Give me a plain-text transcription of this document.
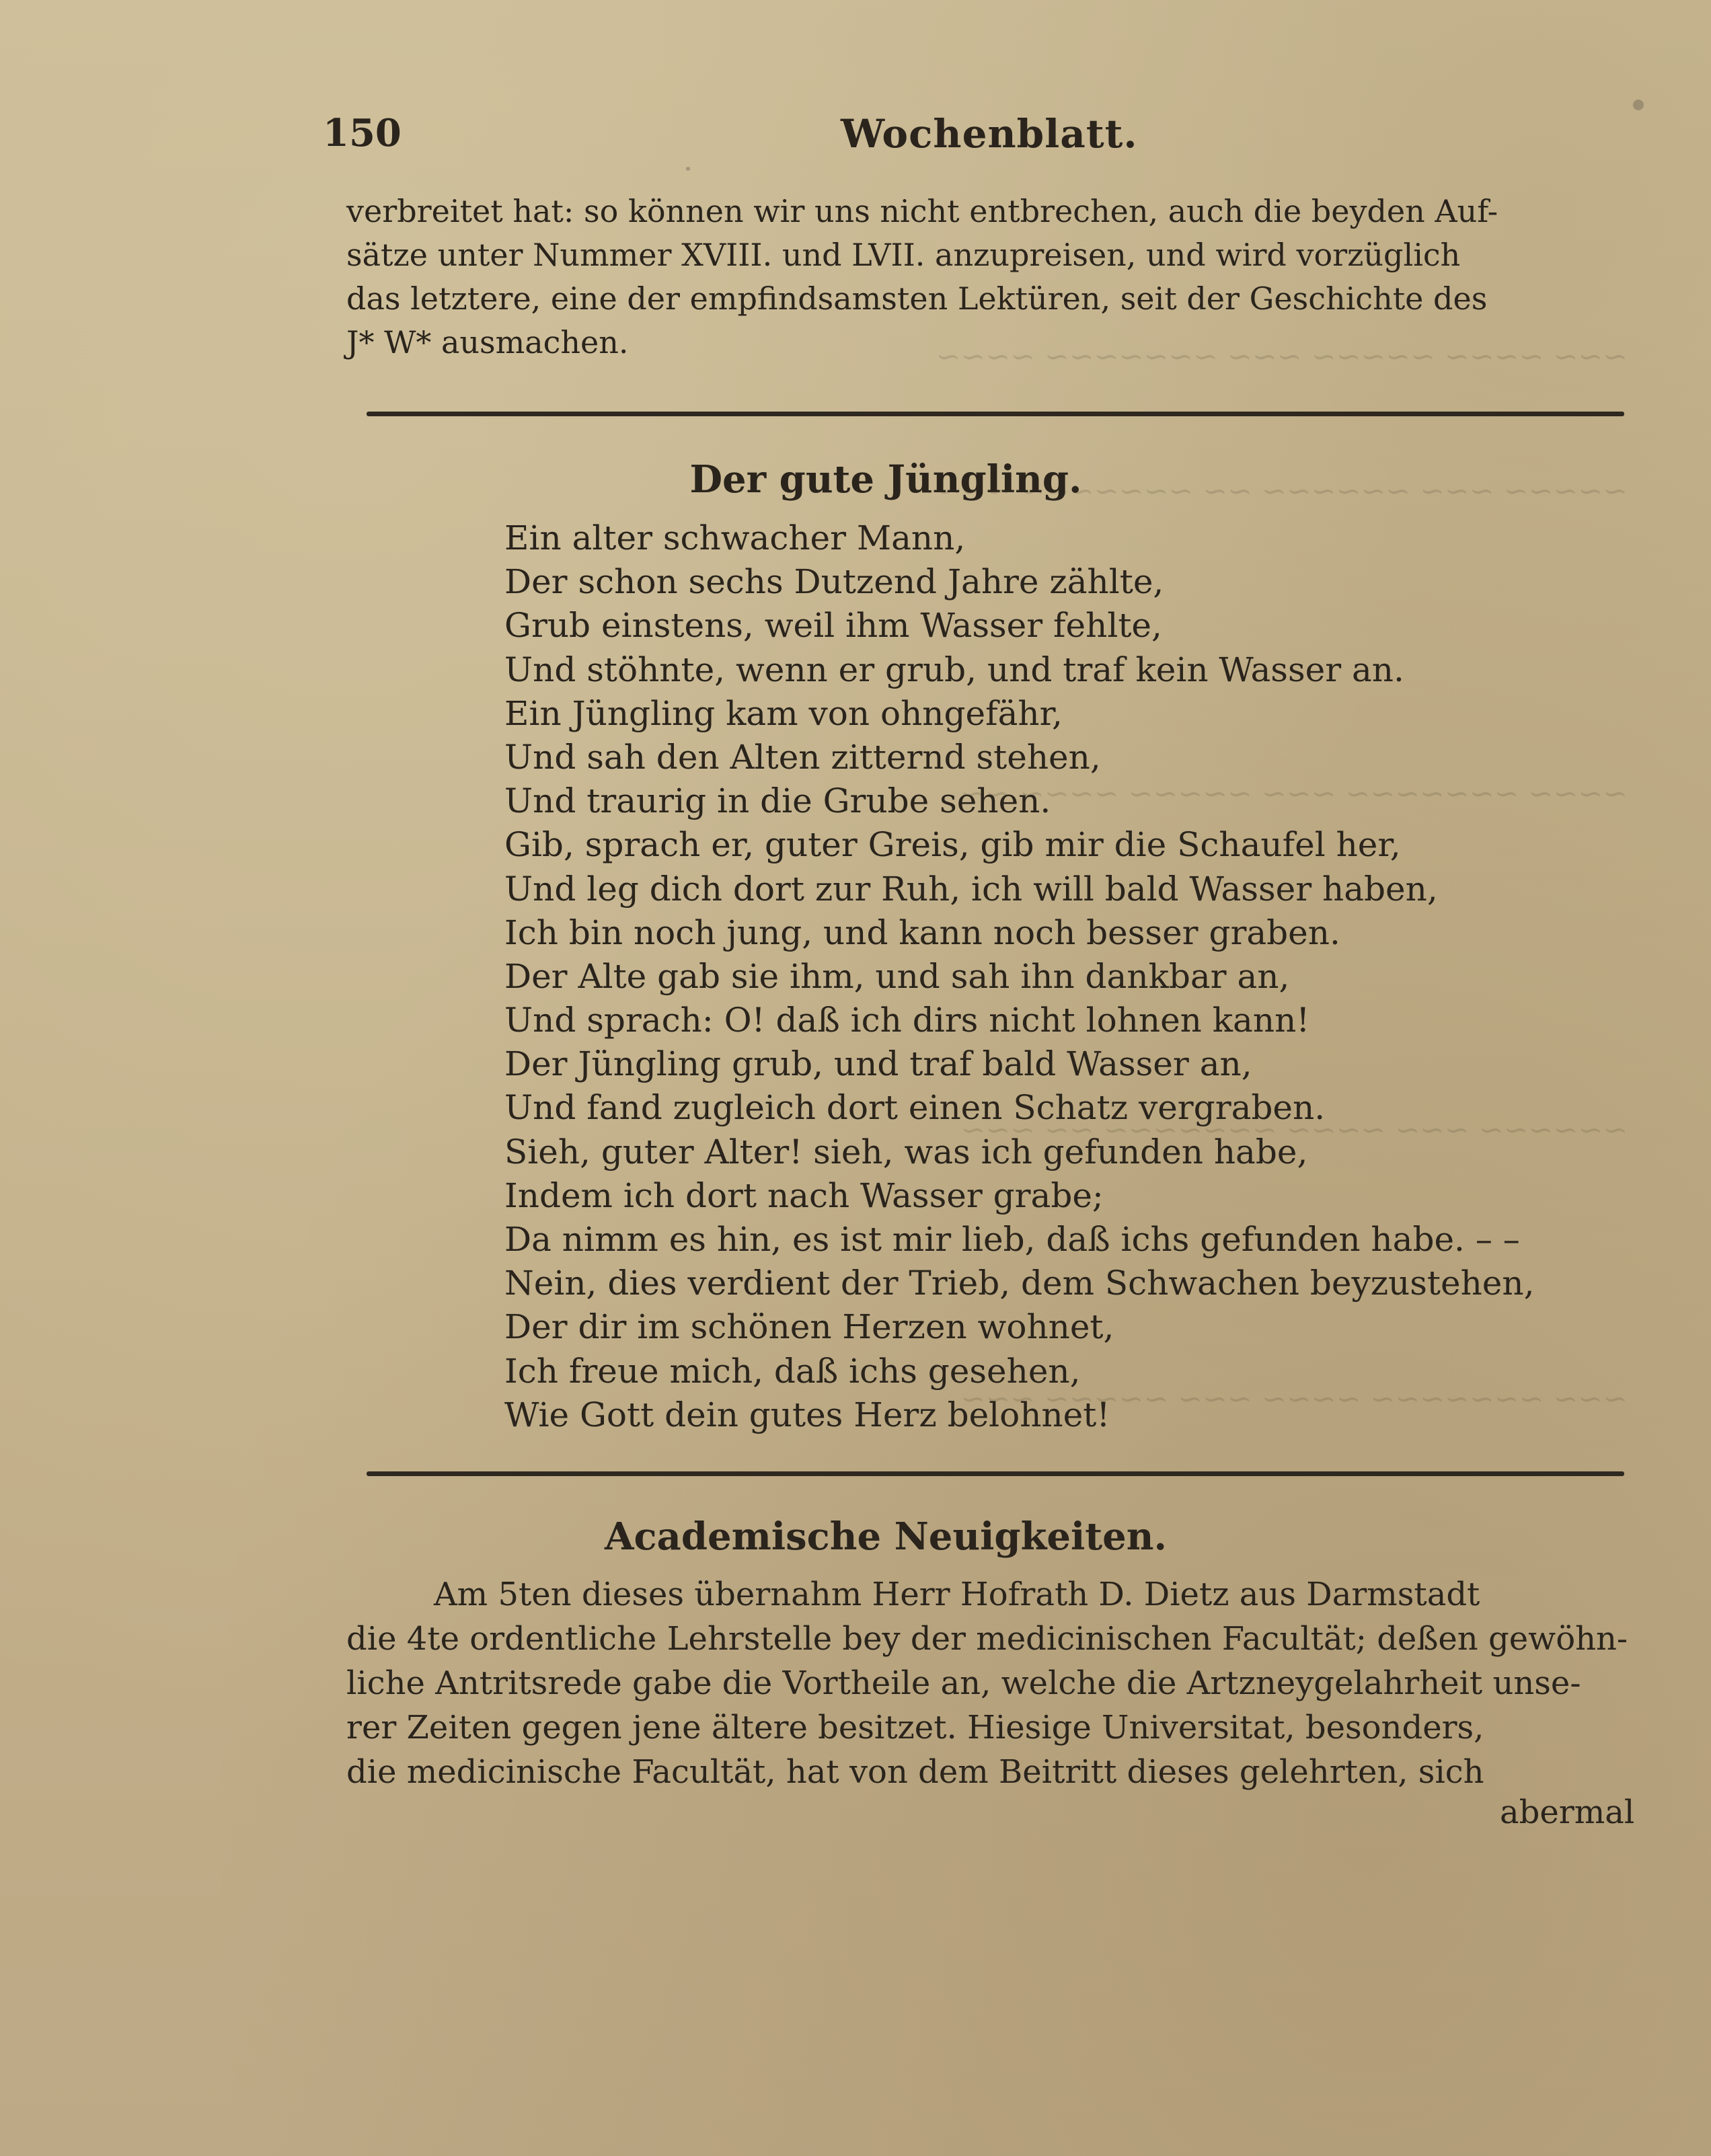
~~~ ~~~~ ~~~~~ ~~~ ~~~~~~~ ~~~~
~~~~~ ~~~ ~~~~~~ ~~ ~~~~~~~ ~~~
~~~~ ~~~~~~~ ~~~ ~~~~~ ~~~~ ~~
~~~~~~ ~~~ ~~~~ ~~~~~~~ ~~ ~~~
~~~ ~~~~~~~ ~~~~ ~~~ ~~~~~ ~~~
150	Wochenblatt.
verbreitet hat: so können wir uns nicht entbrechen, auch die beyden Auf-
sätze unter Nummer XVIII. und LVII. anzupreisen, und wird vorzüglich
das letztere, eine der empfindsamsten Lektüren, seit der Geschichte des
J* W* ausmachen.
Der gute Jüngling.
Ein alter schwacher Mann,
Der schon sechs Dutzend Jahre zählte,
Grub einstens, weil ihm Wasser fehlte,
Und stöhnte, wenn er grub, und traf kein Wasser an.
Ein Jüngling kam von ohngefähr,
Und sah den Alten zitternd stehen,
Und traurig in die Grube sehen.
Gib, sprach er, guter Greis, gib mir die Schaufel her,
Und leg dich dort zur Ruh, ich will bald Wasser haben,
Ich bin noch jung, und kann noch besser graben.
Der Alte gab sie ihm, und sah ihn dankbar an,
Und sprach: O! daß ich dirs nicht lohnen kann!
Der Jüngling grub, und traf bald Wasser an,
Und fand zugleich dort einen Schatz vergraben.
Sieh, guter Alter! sieh, was ich gefunden habe,
Indem ich dort nach Wasser grabe;
Da nimm es hin, es ist mir lieb, daß ichs gefunden habe. – –
Nein, dies verdient der Trieb, dem Schwachen beyzustehen,
Der dir im schönen Herzen wohnet,
Ich freue mich, daß ichs gesehen,
Wie Gott dein gutes Herz belohnet!
Academische Neuigkeiten.
Am 5ten dieses übernahm Herr Hofrath D. Dietz aus Darmstadt
die 4te ordentliche Lehrstelle bey der medicinischen Facultät; deßen gewöhn-
liche Antritsrede gabe die Vortheile an, welche die Artzneygelahrheit unse-
rer Zeiten gegen jene ältere besitzet. Hiesige Universitat, besonders,
die medicinische Facultät, hat von dem Beitritt dieses gelehrten, sich
abermal
